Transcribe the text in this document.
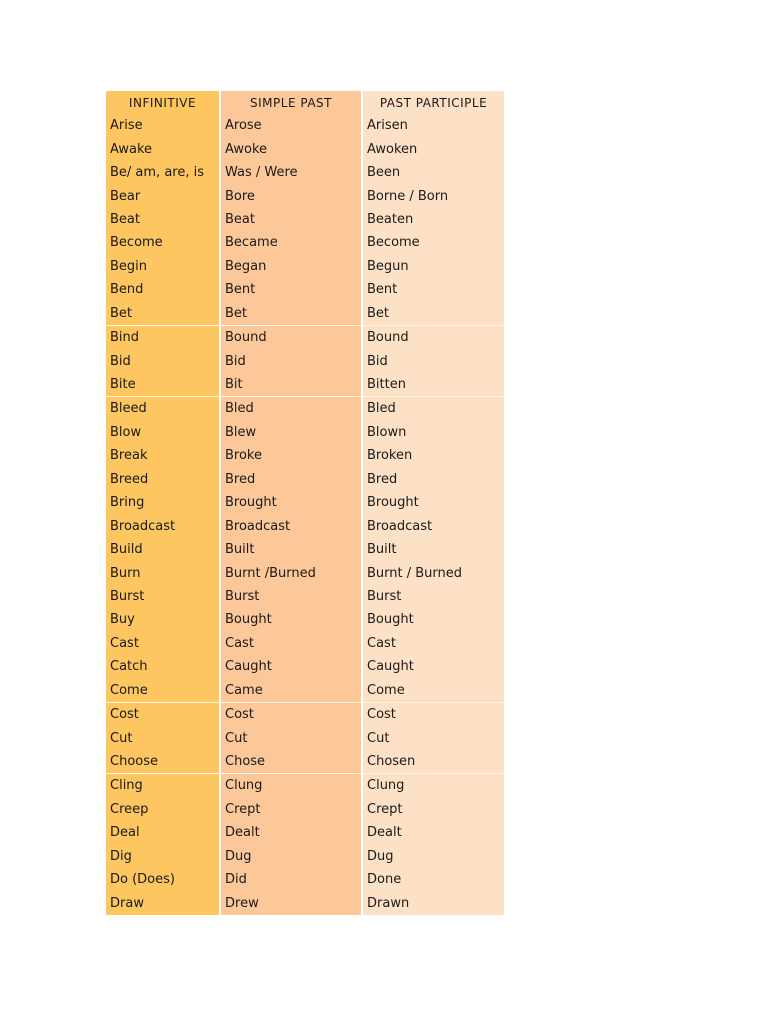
INFINITIVE	SIMPLE PAST	PAST PARTICIPLE
Arise	Arose	Arisen
Awake	Awoke	Awoken
Be/ am, are, is	Was / Were	Been
Bear	Bore	Borne / Born
Beat	Beat	Beaten
Become	Became	Become
Begin	Began	Begun
Bend	Bent	Bent
Bet	Bet	Bet
Bind	Bound	Bound
Bid	Bid	Bid
Bite	Bit	Bitten
Bleed	Bled	Bled
Blow	Blew	Blown
Break	Broke	Broken
Breed	Bred	Bred
Bring	Brought	Brought
Broadcast	Broadcast	Broadcast
Build	Built	Built
Burn	Burnt /Burned	Burnt / Burned
Burst	Burst	Burst
Buy	Bought	Bought
Cast	Cast	Cast
Catch	Caught	Caught
Come	Came	Come
Cost	Cost	Cost
Cut	Cut	Cut
Choose	Chose	Chosen
Cling	Clung	Clung
Creep	Crept	Crept
Deal	Dealt	Dealt
Dig	Dug	Dug
Do (Does)	Did	Done
Draw	Drew	Drawn
